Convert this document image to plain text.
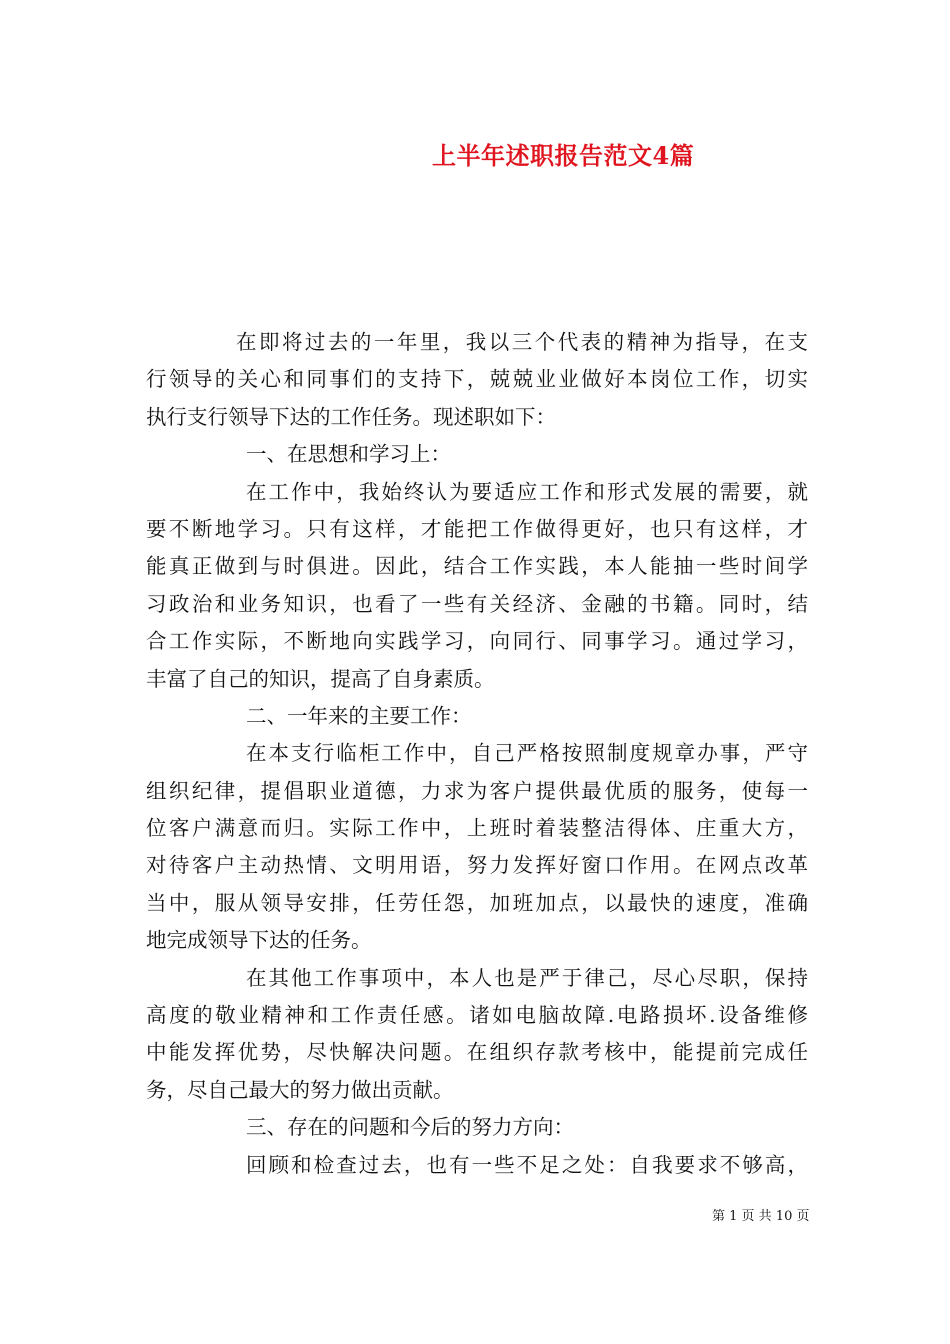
上半年述职报告范文4篇
在即将过去的一年里，我以三个代表的精神为指导，在支
行领导的关心和同事们的支持下，兢兢业业做好本岗位工作，切实
执行支行领导下达的工作任务。现述职如下：
一、在思想和学习上：
在工作中，我始终认为要适应工作和形式发展的需要，就
要不断地学习。只有这样，才能把工作做得更好，也只有这样，才
能真正做到与时俱进。因此，结合工作实践，本人能抽一些时间学
习政治和业务知识，也看了一些有关经济、金融的书籍。同时，结
合工作实际，不断地向实践学习，向同行、同事学习。通过学习，
丰富了自己的知识，提高了自身素质。
二、一年来的主要工作：
在本支行临柜工作中，自己严格按照制度规章办事，严守
组织纪律，提倡职业道德，力求为客户提供最优质的服务，使每一
位客户满意而归。实际工作中，上班时着装整洁得体、庄重大方，
对待客户主动热情、文明用语，努力发挥好窗口作用。在网点改革
当中，服从领导安排，任劳任怨，加班加点，以最快的速度，准确
地完成领导下达的任务。
在其他工作事项中，本人也是严于律己，尽心尽职，保持
高度的敬业精神和工作责任感。诸如电脑故障.电路损坏.设备维修
中能发挥优势，尽快解决问题。在组织存款考核中，能提前完成任
务，尽自己最大的努力做出贡献。
三、存在的问题和今后的努力方向：
回顾和检查过去，也有一些不足之处：自我要求不够高，
第 1 页 共 10 页
